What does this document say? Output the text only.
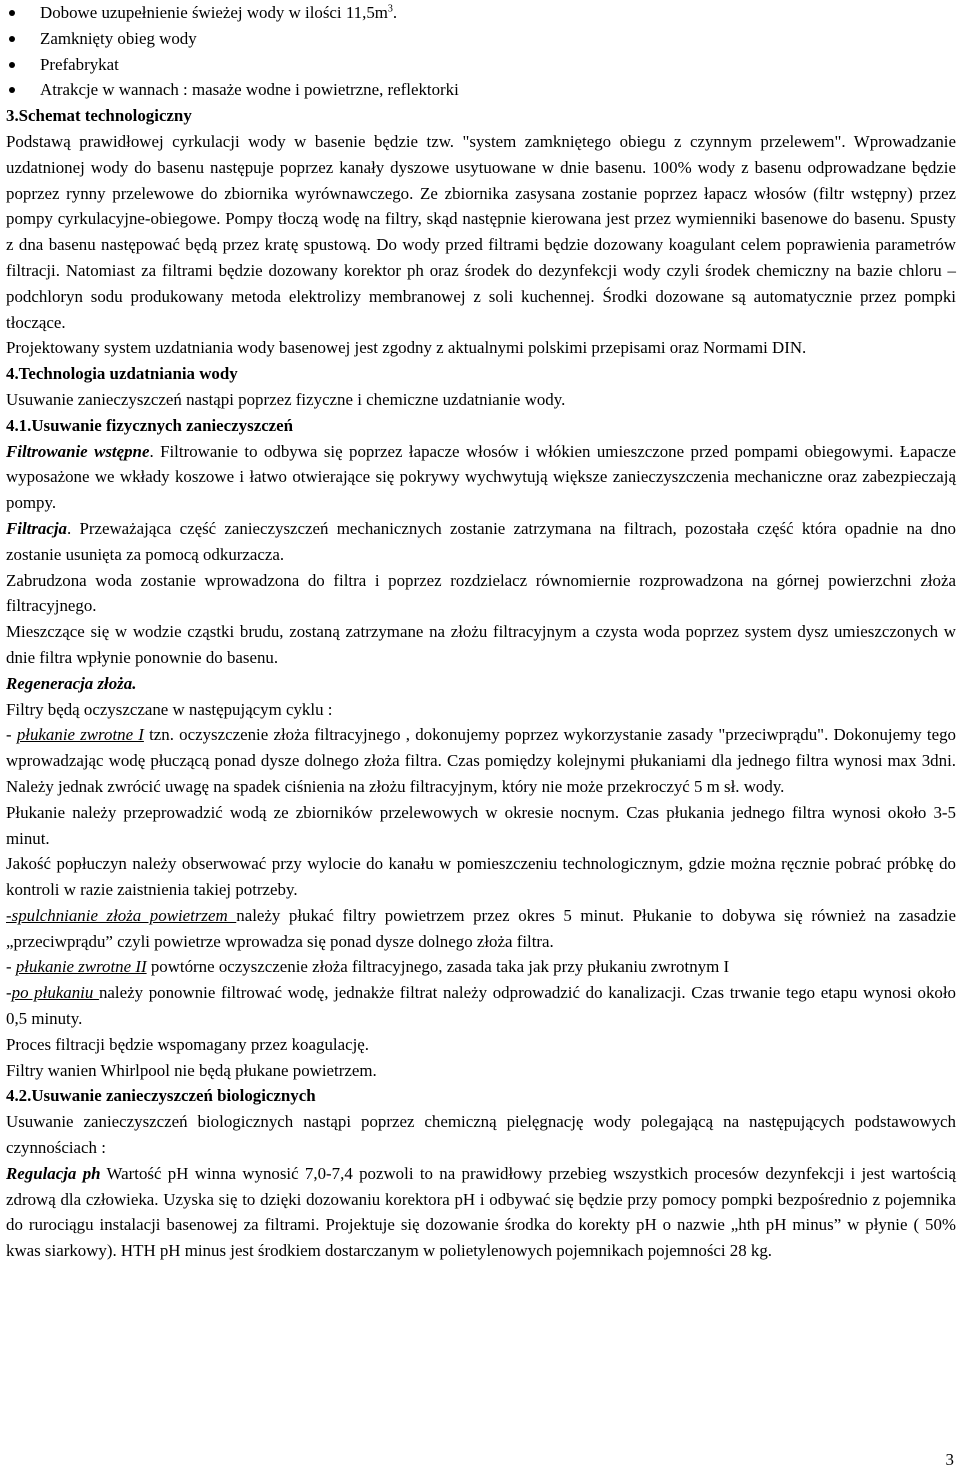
Dobowe uzupełnienie świeżej wody w ilości $11,5m^3$.
Zamknięty obieg wody
Prefabrykat
Atrakcje w wannach : masaże wodne i powietrzne, reflektorki

3.Schemat technologiczny

Podstawą prawidłowej cyrkulacji wody w basenie będzie tzw. "system zamkniętego obiegu z czynnym przelewem". Wprowadzanie uzdatnionej wody do basenu następuje poprzez kanały dyszowe usytuowane w dnie basenu. 100% wody z basenu odprowadzane będzie poprzez rynny przelewowe do zbiornika wyrównawczego. Ze zbiornika zasysana zostanie poprzez łapacz włosów (filtr wstępny) przez pompy cyrkulacyjne-obiegowe. Pompy tłoczą wodę na filtry, skąd następnie kierowana jest przez wymienniki basenowe do basenu. Spusty z dna basenu następować będą przez kratę spustową. Do wody przed filtrami będzie dozowany koagulant celem poprawienia parametrów filtracji. Natomiast za filtrami będzie dozowany korektor ph oraz środek do dezynfekcji wody czyli środek chemiczny na bazie chloru –podchloryn sodu produkowany metoda elektrolizy membranowej z soli kuchennej. Środki dozowane są automatycznie przez pompki tłoczące.

Projektowany system uzdatniania wody basenowej jest zgodny z aktualnymi polskimi przepisami oraz Normami DIN.

4.Technologia uzdatniania wody

Usuwanie zanieczyszczeń nastąpi poprzez fizyczne i chemiczne uzdatnianie wody.

4.1.Usuwanie fizycznych zanieczyszczeń

Filtrowanie wstępne. Filtrowanie to odbywa się poprzez łapacze włosów i włókien umieszczone przed pompami obiegowymi. Łapacze wyposażone we wkłady koszowe i łatwo otwierające się pokrywy wychwytują większe zanieczyszczenia mechaniczne oraz zabezpieczają pompy.

Filtracja. Przeważająca część zanieczyszczeń mechanicznych zostanie zatrzymana na filtrach, pozostała część która opadnie na dno zostanie usunięta za pomocą odkurzacza.

Zabrudzona woda zostanie wprowadzona do filtra i poprzez rozdzielacz równomiernie rozprowadzona na górnej powierzchni złoża filtracyjnego.

Mieszczące się w wodzie cząstki brudu, zostaną zatrzymane na złożu filtracyjnym a czysta woda poprzez system dysz umieszczonych w dnie filtra wpłynie ponownie do basenu.

Regeneracja złoża.

Filtry będą oczyszczane w następującym cyklu :

- płukanie zwrotne I tzn. oczyszczenie złoża filtracyjnego , dokonujemy poprzez wykorzystanie zasady "przeciwprądu". Dokonujemy tego wprowadzając wodę płuczącą ponad dysze dolnego złoża filtra. Czas pomiędzy kolejnymi płukaniami dla jednego filtra wynosi max 3dni. Należy jednak zwrócić uwagę na spadek ciśnienia na złożu filtracyjnym, który nie może przekroczyć 5 m sł. wody.

Płukanie należy przeprowadzić wodą ze zbiorników przelewowych w okresie nocnym. Czas płukania jednego filtra wynosi około 3-5 minut.

Jakość popłuczyn należy obserwować przy wylocie do kanału w pomieszczeniu technologicznym, gdzie można ręcznie pobrać próbkę do kontroli w razie zaistnienia takiej potrzeby.

-spulchnianie złoża powietrzem należy płukać filtry powietrzem przez okres 5 minut. Płukanie to dobywa się również na zasadzie „przeciwprądu” czyli powietrze wprowadza się ponad dysze dolnego złoża filtra.

- płukanie zwrotne II powtórne oczyszczenie złoża filtracyjnego, zasada taka jak przy płukaniu zwrotnym I

-po płukaniu należy ponownie filtrować wodę, jednakże filtrat należy odprowadzić do kanalizacji. Czas trwanie tego etapu wynosi około 0,5 minuty.

Proces filtracji będzie wspomagany przez koagulację.

Filtry wanien Whirlpool nie będą płukane powietrzem.

4.2.Usuwanie zanieczyszczeń biologicznych

Usuwanie zanieczyszczeń biologicznych nastąpi poprzez chemiczną pielęgnację wody polegającą na następujących podstawowych czynnościach :

Regulacja ph Wartość pH winna wynosić 7,0-7,4 pozwoli to na prawidłowy przebieg wszystkich procesów dezynfekcji i jest wartością zdrową dla człowieka. Uzyska się to dzięki dozowaniu korektora pH i odbywać się będzie przy pomocy pompki bezpośrednio z pojemnika do rurociągu instalacji basenowej za filtrami. Projektuje się dozowanie środka do korekty pH o nazwie „hth pH minus” w płynie ( 50% kwas siarkowy). HTH pH minus jest środkiem dostarczanym w polietylenowych pojemnikach pojemności 28 kg.

3
